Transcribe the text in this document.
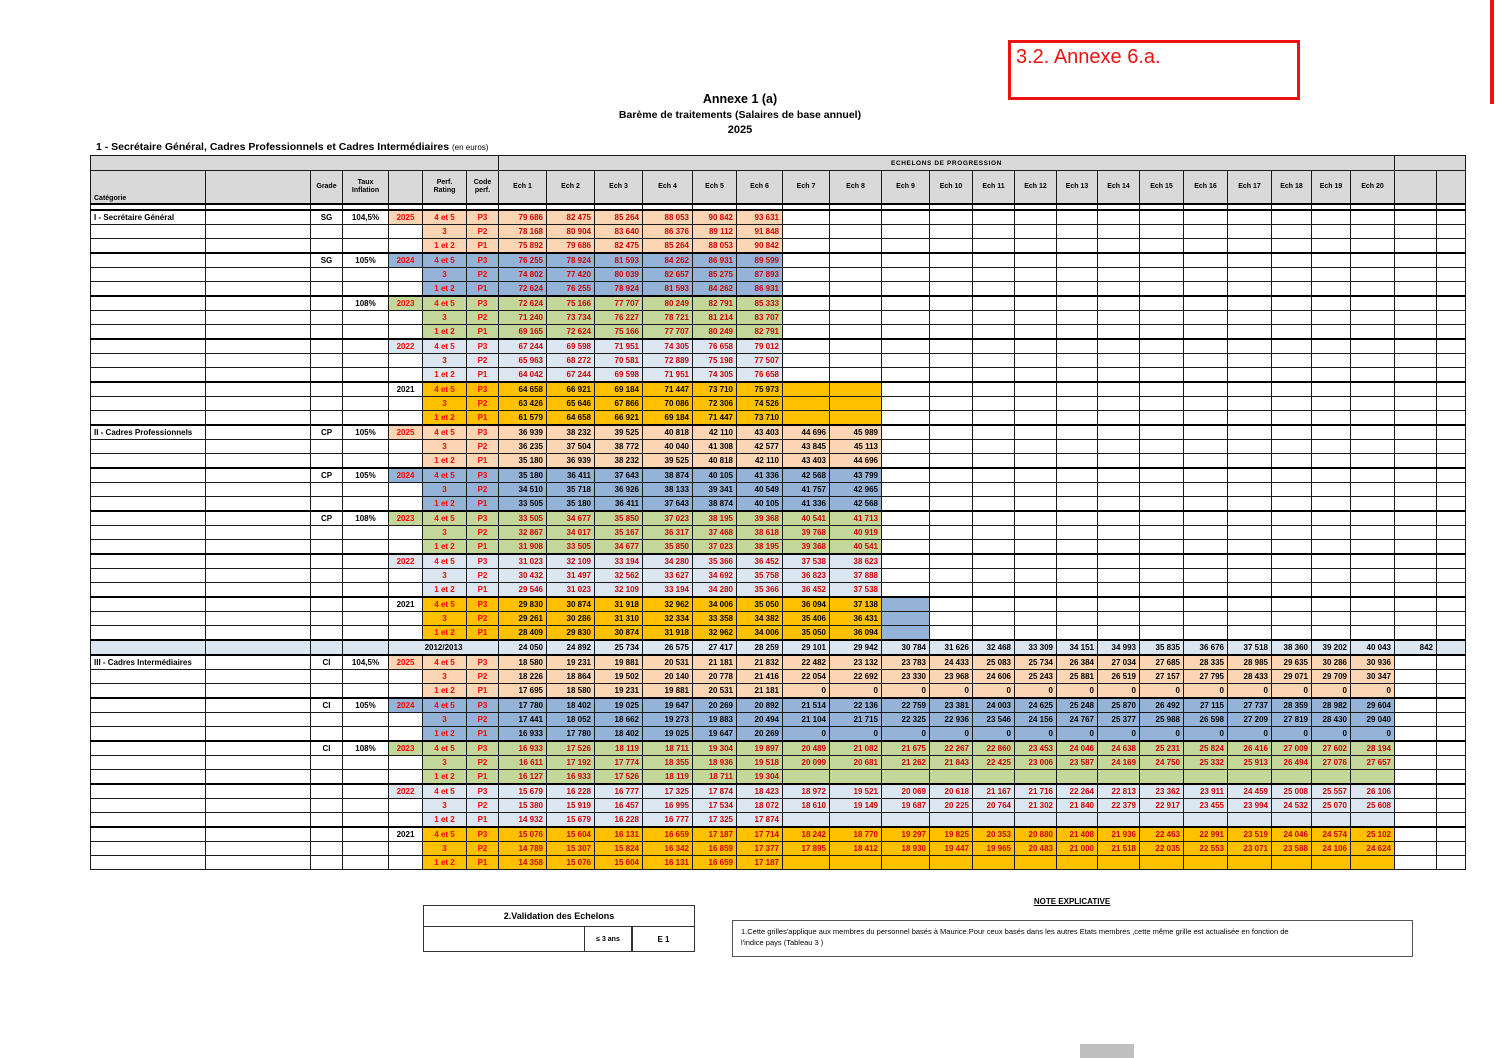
3.2. Annexe 6.a.
Annexe 1 (a)
Barème de traitements (Salaires de base annuel)
2025
1 - Secrétaire Général, Cadres Professionnels et Cadres Intermédiaires (en euros)
							ECHELONS DE PROGRESSION																					
Catégorie		Grade	Taux Inflation		Perf. Rating	Code perf.	Ech 1	Ech 2	Ech 3	Ech 4	Ech 5	Ech 6	Ech 7	Ech 8	Ech 9	Ech 10	Ech 11	Ech 12	Ech 13	Ech 14	Ech 15	Ech 16	Ech 17	Ech 18	Ech 19	Ech 20		

I - Secrétaire Général		SG	104,5%	2025	4 et 5	P3	79 686	82 475	85 264	88 053	90 842	93 631																
					3	P2	78 168	80 904	83 640	86 376	89 112	91 848																
					1 et 2	P1	75 892	79 686	82 475	85 264	88 053	90 842																
		SG	105%	2024	4 et 5	P3	76 255	78 924	81 593	84 262	86 931	89 599																
					3	P2	74 802	77 420	80 039	82 657	85 275	87 893																
					1 et 2	P1	72 624	76 255	78 924	81 593	84 262	86 931																
			108%	2023	4 et 5	P3	72 624	75 166	77 707	80 249	82 791	85 333																
					3	P2	71 240	73 734	76 227	78 721	81 214	83 707																
					1 et 2	P1	69 165	72 624	75 166	77 707	80 249	82 791																
				2022	4 et 5	P3	67 244	69 598	71 951	74 305	76 658	79 012																
					3	P2	65 963	68 272	70 581	72 889	75 198	77 507																
					1 et 2	P1	64 042	67 244	69 598	71 951	74 305	76 658																
				2021	4 et 5	P3	64 658	66 921	69 184	71 447	73 710	75 973																
					3	P2	63 426	65 646	67 866	70 086	72 306	74 526																
					1 et 2	P1	61 579	64 658	66 921	69 184	71 447	73 710																
II - Cadres Professionnels		CP	105%	2025	4 et 5	P3	36 939	38 232	39 525	40 818	42 110	43 403	44 696	45 989														
					3	P2	36 235	37 504	38 772	40 040	41 308	42 577	43 845	45 113														
					1 et 2	P1	35 180	36 939	38 232	39 525	40 818	42 110	43 403	44 696														
		CP	105%	2024	4 et 5	P3	35 180	36 411	37 643	38 874	40 105	41 336	42 568	43 799														
					3	P2	34 510	35 718	36 926	38 133	39 341	40 549	41 757	42 965														
					1 et 2	P1	33 505	35 180	36 411	37 643	38 874	40 105	41 336	42 568														
		CP	108%	2023	4 et 5	P3	33 505	34 677	35 850	37 023	38 195	39 368	40 541	41 713														
					3	P2	32 867	34 017	35 167	36 317	37 468	38 618	39 768	40 919														
					1 et 2	P1	31 908	33 505	34 677	35 850	37 023	38 195	39 368	40 541														
				2022	4 et 5	P3	31 023	32 109	33 194	34 280	35 366	36 452	37 538	38 623														
					3	P2	30 432	31 497	32 562	33 627	34 692	35 758	36 823	37 888														
					1 et 2	P1	29 546	31 023	32 109	33 194	34 280	35 366	36 452	37 538														
				2021	4 et 5	P3	29 830	30 874	31 918	32 962	34 006	35 050	36 094	37 138														
					3	P2	29 261	30 286	31 310	32 334	33 358	34 382	35 406	36 431														
					1 et 2	P1	28 409	29 830	30 874	31 918	32 962	34 006	35 050	36 094														
				2012/2013			24 050	24 892	25 734	26 575	27 417	28 259	29 101	29 942	30 784	31 626	32 468	33 309	34 151	34 993	35 835	36 676	37 518	38 360	39 202	40 043	842	
III - Cadres Intermédiaires		CI	104,5%	2025	4 et 5	P3	18 580	19 231	19 881	20 531	21 181	21 832	22 482	23 132	23 783	24 433	25 083	25 734	26 384	27 034	27 685	28 335	28 985	29 635	30 286	30 936		
					3	P2	18 226	18 864	19 502	20 140	20 778	21 416	22 054	22 692	23 330	23 968	24 606	25 243	25 881	26 519	27 157	27 795	28 433	29 071	29 709	30 347		
					1 et 2	P1	17 695	18 580	19 231	19 881	20 531	21 181	0	0	0	0	0	0	0	0	0	0	0	0	0	0		
		CI	105%	2024	4 et 5	P3	17 780	18 402	19 025	19 647	20 269	20 892	21 514	22 136	22 759	23 381	24 003	24 625	25 248	25 870	26 492	27 115	27 737	28 359	28 982	29 604		
					3	P2	17 441	18 052	18 662	19 273	19 883	20 494	21 104	21 715	22 325	22 936	23 546	24 156	24 767	25 377	25 988	26 598	27 209	27 819	28 430	29 040		
					1 et 2	P1	16 933	17 780	18 402	19 025	19 647	20 269	0	0	0	0	0	0	0	0	0	0	0	0	0	0		
		CI	108%	2023	4 et 5	P3	16 933	17 526	18 119	18 711	19 304	19 897	20 489	21 082	21 675	22 267	22 860	23 453	24 046	24 638	25 231	25 824	26 416	27 009	27 602	28 194		
					3	P2	16 611	17 192	17 774	18 355	18 936	19 518	20 099	20 681	21 262	21 843	22 425	23 006	23 587	24 169	24 750	25 332	25 913	26 494	27 076	27 657		
					1 et 2	P1	16 127	16 933	17 526	18 119	18 711	19 304																
				2022	4 et 5	P3	15 679	16 228	16 777	17 325	17 874	18 423	18 972	19 521	20 069	20 618	21 167	21 716	22 264	22 813	23 362	23 911	24 459	25 008	25 557	26 106		
					3	P2	15 380	15 919	16 457	16 995	17 534	18 072	18 610	19 149	19 687	20 225	20 764	21 302	21 840	22 379	22 917	23 455	23 994	24 532	25 070	25 608		
					1 et 2	P1	14 932	15 679	16 228	16 777	17 325	17 874																
				2021	4 et 5	P3	15 076	15 604	16 131	16 659	17 187	17 714	18 242	18 770	19 297	19 825	20 353	20 880	21 408	21 936	22 463	22 991	23 519	24 046	24 574	25 102		
					3	P2	14 789	15 307	15 824	16 342	16 859	17 377	17 895	18 412	18 930	19 447	19 965	20 483	21 000	21 518	22 035	22 553	23 071	23 588	24 106	24 624		
					1 et 2	P1	14 358	15 076	15 604	16 131	16 659	17 187																
2.Validation des Echelons
≤ 3 ans	E 1
NOTE EXPLICATIVE
1.Cette grilles'applique aux membres du personnel basés à Maurice.Pour ceux basés dans les autres Etats membres ,cette même grille est actualisée en fonction de
l'indice pays (Tableau 3 )
